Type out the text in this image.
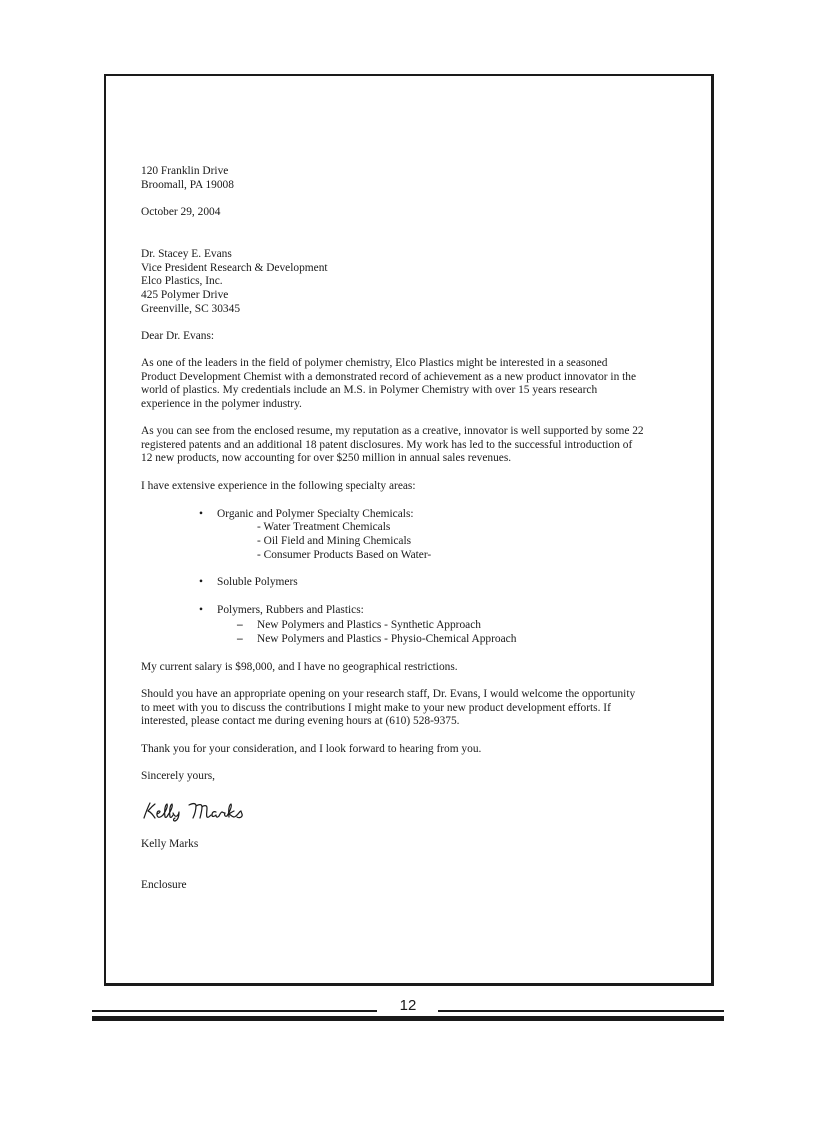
120 Franklin Drive
Broomall, PA 19008
October 29, 2004
Dr. Stacey E. Evans
Vice President Research & Development
Elco Plastics, Inc.
425 Polymer Drive
Greenville, SC 30345
Dear Dr. Evans:
As one of the leaders in the field of polymer chemistry, Elco Plastics might be interested in a seasoned
Product Development Chemist with a demonstrated record of achievement as a new product innovator in the
world of plastics. My credentials include an M.S. in Polymer Chemistry with over 15 years research
experience in the polymer industry.
As you can see from the enclosed resume, my reputation as a creative, innovator is well supported by some 22
registered patents and an additional 18 patent disclosures. My work has led to the successful introduction of
12 new products, now accounting for over $250 million in annual sales revenues.
I have extensive experience in the following specialty areas:
• Organic and Polymer Specialty Chemicals:
- Water Treatment Chemicals
- Oil Field and Mining Chemicals
- Consumer Products Based on Water-
• Soluble Polymers
• Polymers, Rubbers and Plastics:
– New Polymers and Plastics - Synthetic Approach
– New Polymers and Plastics - Physio-Chemical Approach
My current salary is $98,000, and I have no geographical restrictions.
Should you have an appropriate opening on your research staff, Dr. Evans, I would welcome the opportunity
to meet with you to discuss the contributions I might make to your new product development efforts. If
interested, please contact me during evening hours at (610) 528-9375.
Thank you for your consideration, and I look forward to hearing from you.
Sincerely yours,
Kelly Marks
Enclosure
12
